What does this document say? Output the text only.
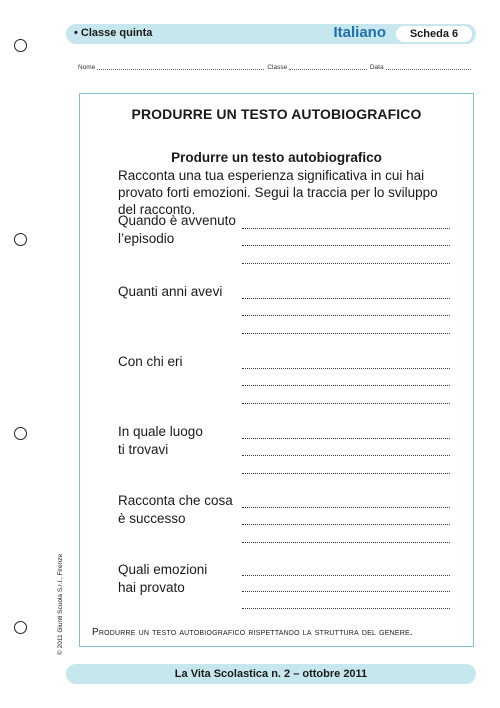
• Classe quinta	Italiano	Scheda 6
Nome	Classe	Data
PRODURRE UN TESTO AUTOBIOGRAFICO
Produrre un testo autobiografico
Racconta una tua esperienza significativa in cui hai provato forti emozioni. Segui la traccia per lo sviluppo del racconto.
Quando è avvenuto
l’episodio
Quanti anni avevi
Con chi eri
In quale luogo
ti trovavi
Racconta che cosa
è successo
Quali emozioni
hai provato
Produrre un testo autobiografico rispettando la struttura del genere.
© 2011 Giunti Scuola S.r.l., Firenze
La Vita Scolastica n. 2 – ottobre 2011
